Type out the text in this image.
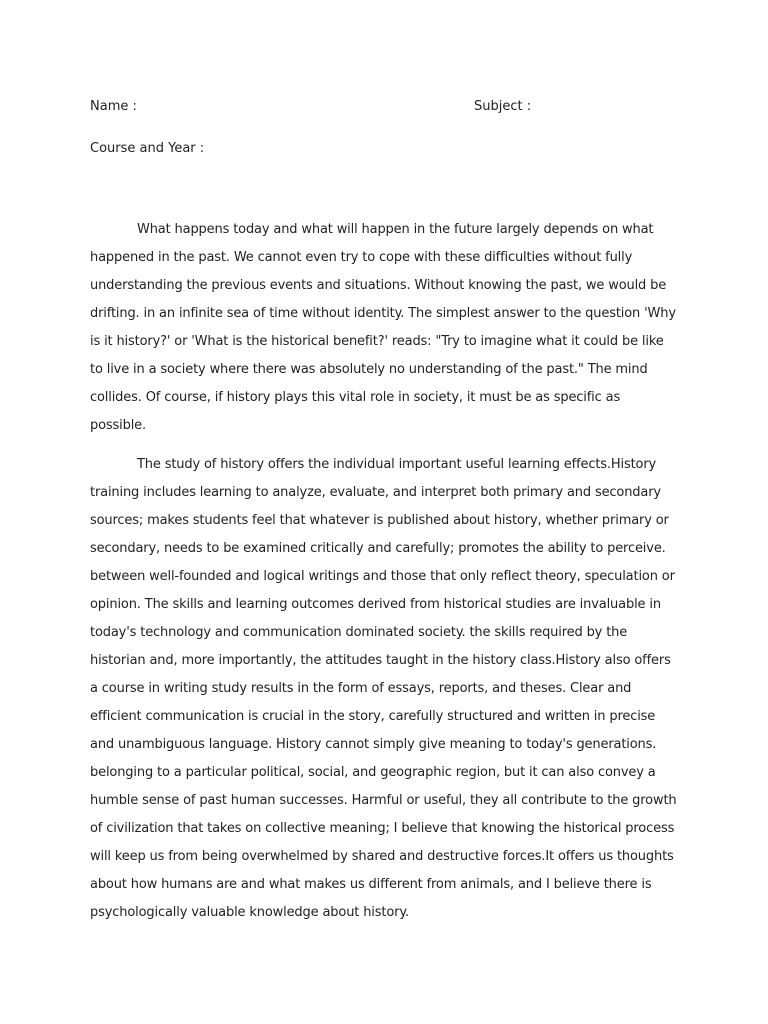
Name :	Subject :
Course and Year :

What happens today and what will happen in the future largely depends on what happened in the past. We cannot even try to cope with these difficulties without fully understanding the previous events and situations. Without knowing the past, we would be drifting. in an infinite sea of time without identity. The simplest answer to the question 'Why is it history?' or 'What is the historical benefit?' reads: "Try to imagine what it could be like to live in a society where there was absolutely no understanding of the past." The mind collides. Of course, if history plays this vital role in society, it must be as specific as possible.

The study of history offers the individual important useful learning effects.History training includes learning to analyze, evaluate, and interpret both primary and secondary sources; makes students feel that whatever is published about history, whether primary or secondary, needs to be examined critically and carefully; promotes the ability to perceive. between well-founded and logical writings and those that only reflect theory, speculation or opinion. The skills and learning outcomes derived from historical studies are invaluable in today's technology and communication dominated society. the skills required by the historian and, more importantly, the attitudes taught in the history class.History also offers a course in writing study results in the form of essays, reports, and theses. Clear and efficient communication is crucial in the story, carefully structured and written in precise and unambiguous language. History cannot simply give meaning to today's generations. belonging to a particular political, social, and geographic region, but it can also convey a humble sense of past human successes. Harmful or useful, they all contribute to the growth of civilization that takes on collective meaning; I believe that knowing the historical process will keep us from being overwhelmed by shared and destructive forces.It offers us thoughts about how humans are and what makes us different from animals, and I believe there is psychologically valuable knowledge about history.
